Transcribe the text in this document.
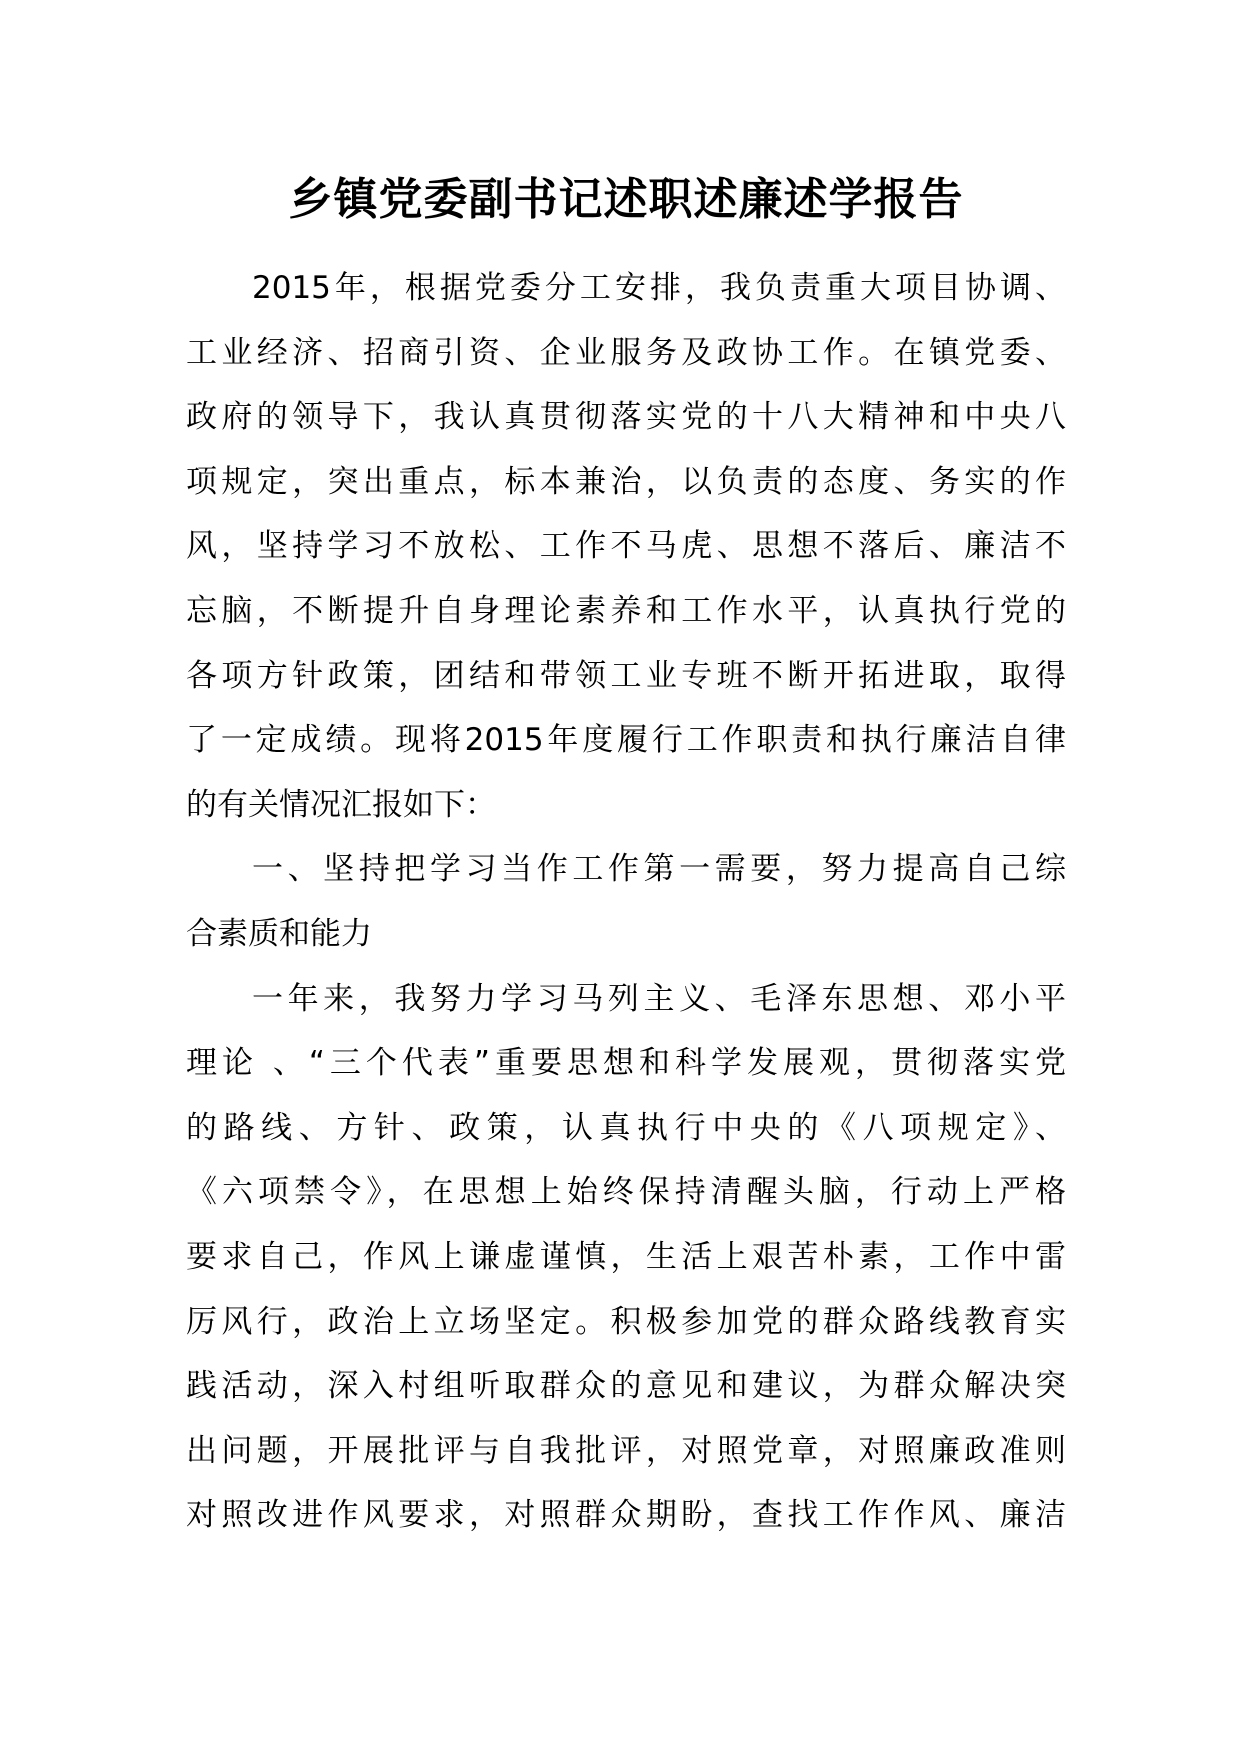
乡镇党委副书记述职述廉述学报告

2015年，根据党委分工安排，我负责重大项目协调、
工业经济、招商引资、企业服务及政协工作。在镇党委、
政府的领导下，我认真贯彻落实党的十八大精神和中央八
项规定，突出重点，标本兼治，以负责的态度、务实的作
风，坚持学习不放松、工作不马虎、思想不落后、廉洁不
忘脑，不断提升自身理论素养和工作水平，认真执行党的
各项方针政策，团结和带领工业专班不断开拓进取，取得
了一定成绩。现将2015年度履行工作职责和执行廉洁自律
的有关情况汇报如下：

一、坚持把学习当作工作第一需要，努力提高自己综
合素质和能力

一年来，我努力学习马列主义、毛泽东思想、邓小平
理论 、“三个代表”重要思想和科学发展观，贯彻落实党
的路线、方针、政策，认真执行中央的《八项规定》、
《六项禁令》，在思想上始终保持清醒头脑，行动上严格
要求自己，作风上谦虚谨慎，生活上艰苦朴素，工作中雷
厉风行，政治上立场坚定。积极参加党的群众路线教育实
践活动，深入村组听取群众的意见和建议，为群众解决突
出问题，开展批评与自我批评，对照党章，对照廉政准则
对照改进作风要求，对照群众期盼，查找工作作风、廉洁
